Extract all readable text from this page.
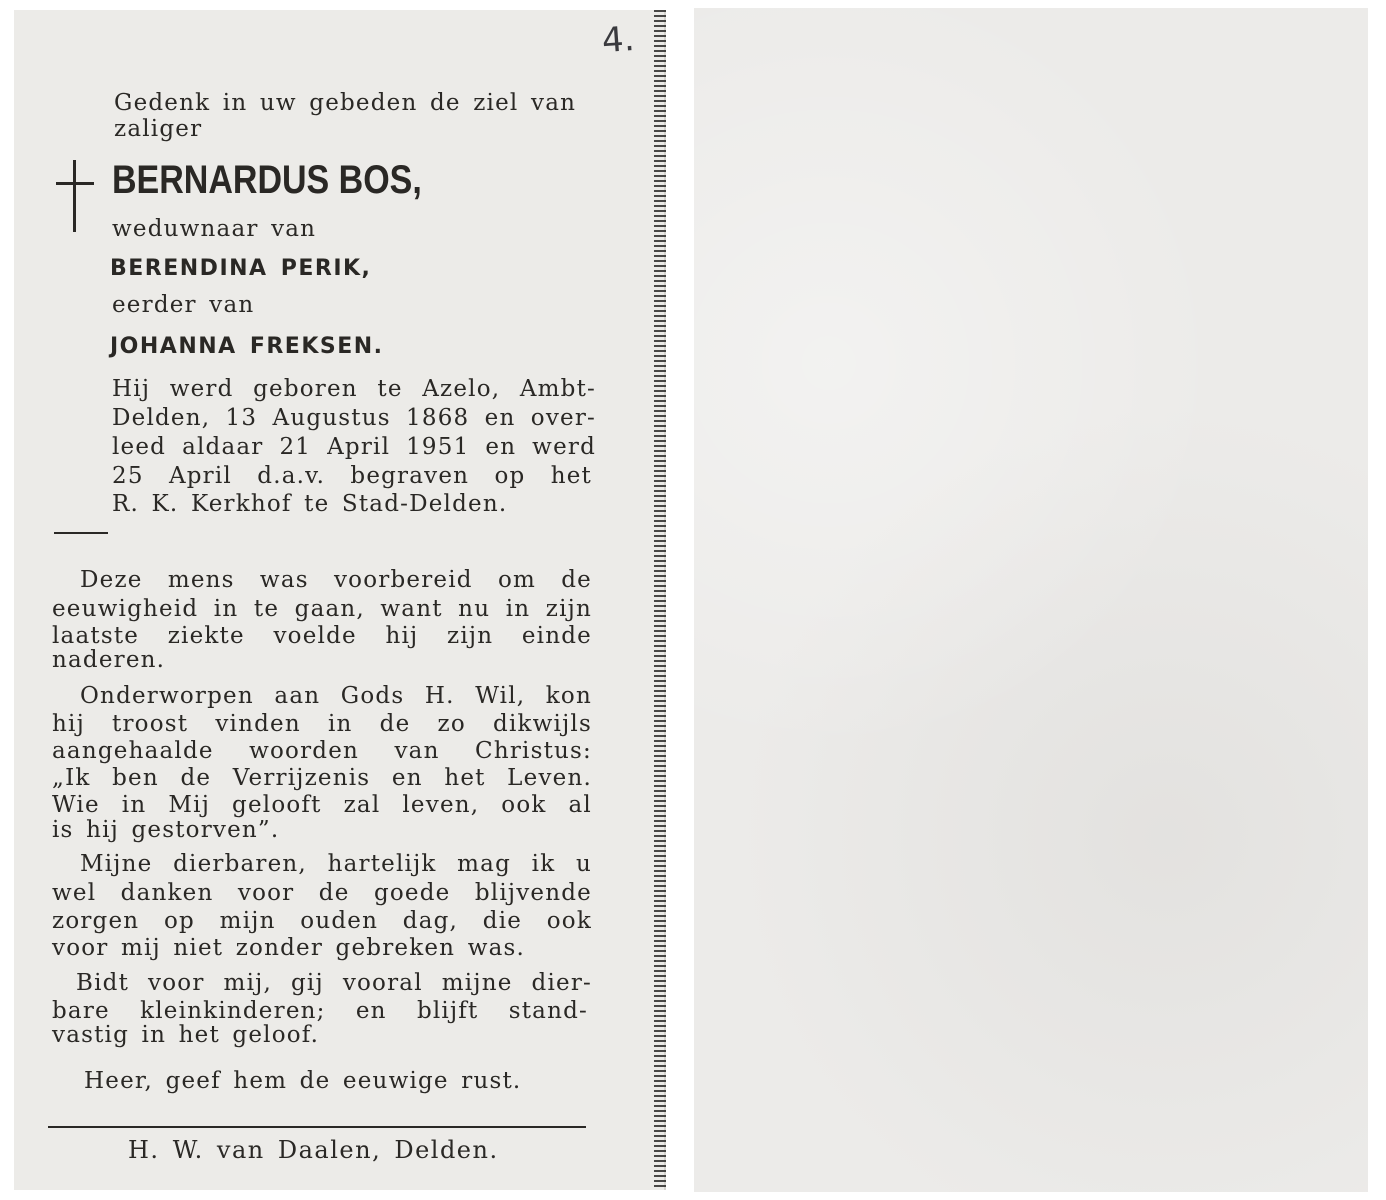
4.

Gedenk in uw gebeden de ziel van

zaliger

BERNARDUS BOS,

weduwnaar van

BERENDINA PERIK,

eerder van

JOHANNA FREKSEN.

Hij werd geboren te Azelo, Ambt-

Delden, 13 Augustus 1868 en over-

leed aldaar 21 April 1951 en werd

25 April d.a.v. begraven op het

R. K. Kerkhof te Stad-Delden.

Deze mens was voorbereid om de

eeuwigheid in te gaan, want nu in zijn

laatste ziekte voelde hij zijn einde

naderen.

Onderworpen aan Gods H. Wil, kon

hij troost vinden in de zo dikwijls

aangehaalde woorden van Christus:

„Ik ben de Verrijzenis en het Leven.

Wie in Mij gelooft zal leven, ook al

is hij gestorven”.

Mijne dierbaren, hartelijk mag ik u

wel danken voor de goede blijvende

zorgen op mijn ouden dag, die ook

voor mij niet zonder gebreken was.

Bidt voor mij, gij vooral mijne dier-

bare kleinkinderen; en blijft stand-

vastig in het geloof.

Heer, geef hem de eeuwige rust.

H. W. van Daalen, Delden.
